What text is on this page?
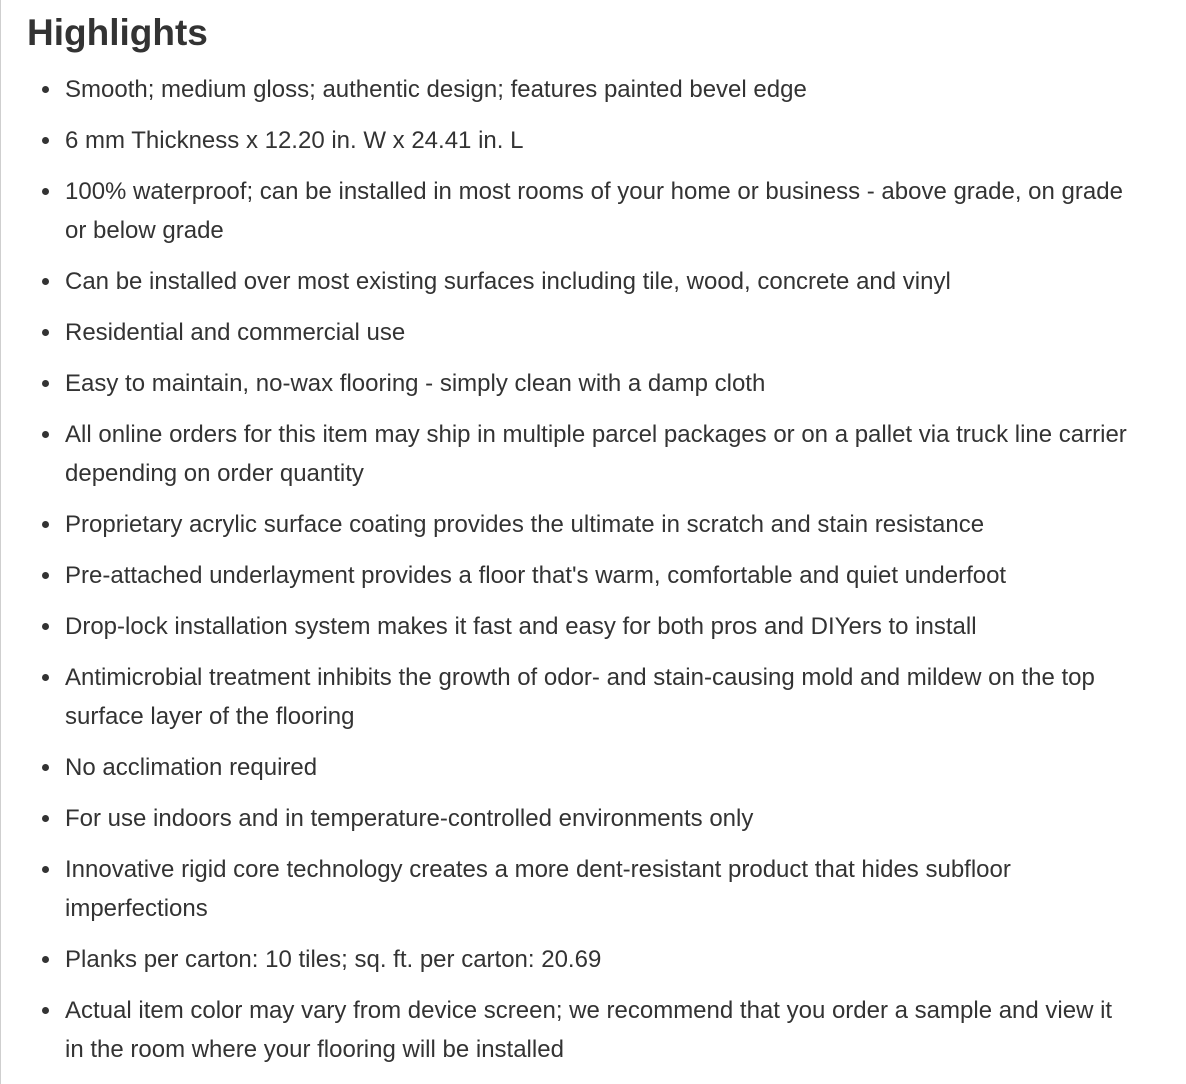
Highlights
Smooth; medium gloss; authentic design; features painted bevel edge
6 mm Thickness x 12.20 in. W x 24.41 in. L
100% waterproof; can be installed in most rooms of your home or business - above grade, on grade or below grade
Can be installed over most existing surfaces including tile, wood, concrete and vinyl
Residential and commercial use
Easy to maintain, no-wax flooring - simply clean with a damp cloth
All online orders for this item may ship in multiple parcel packages or on a pallet via truck line carrier depending on order quantity
Proprietary acrylic surface coating provides the ultimate in scratch and stain resistance
Pre-attached underlayment provides a floor that's warm, comfortable and quiet underfoot
Drop-lock installation system makes it fast and easy for both pros and DIYers to install
Antimicrobial treatment inhibits the growth of odor- and stain-causing mold and mildew on the top surface layer of the flooring
No acclimation required
For use indoors and in temperature-controlled environments only
Innovative rigid core technology creates a more dent-resistant product that hides subfloor imperfections
Planks per carton: 10 tiles; sq. ft. per carton: 20.69
Actual item color may vary from device screen; we recommend that you order a sample and view it in the room where your flooring will be installed
